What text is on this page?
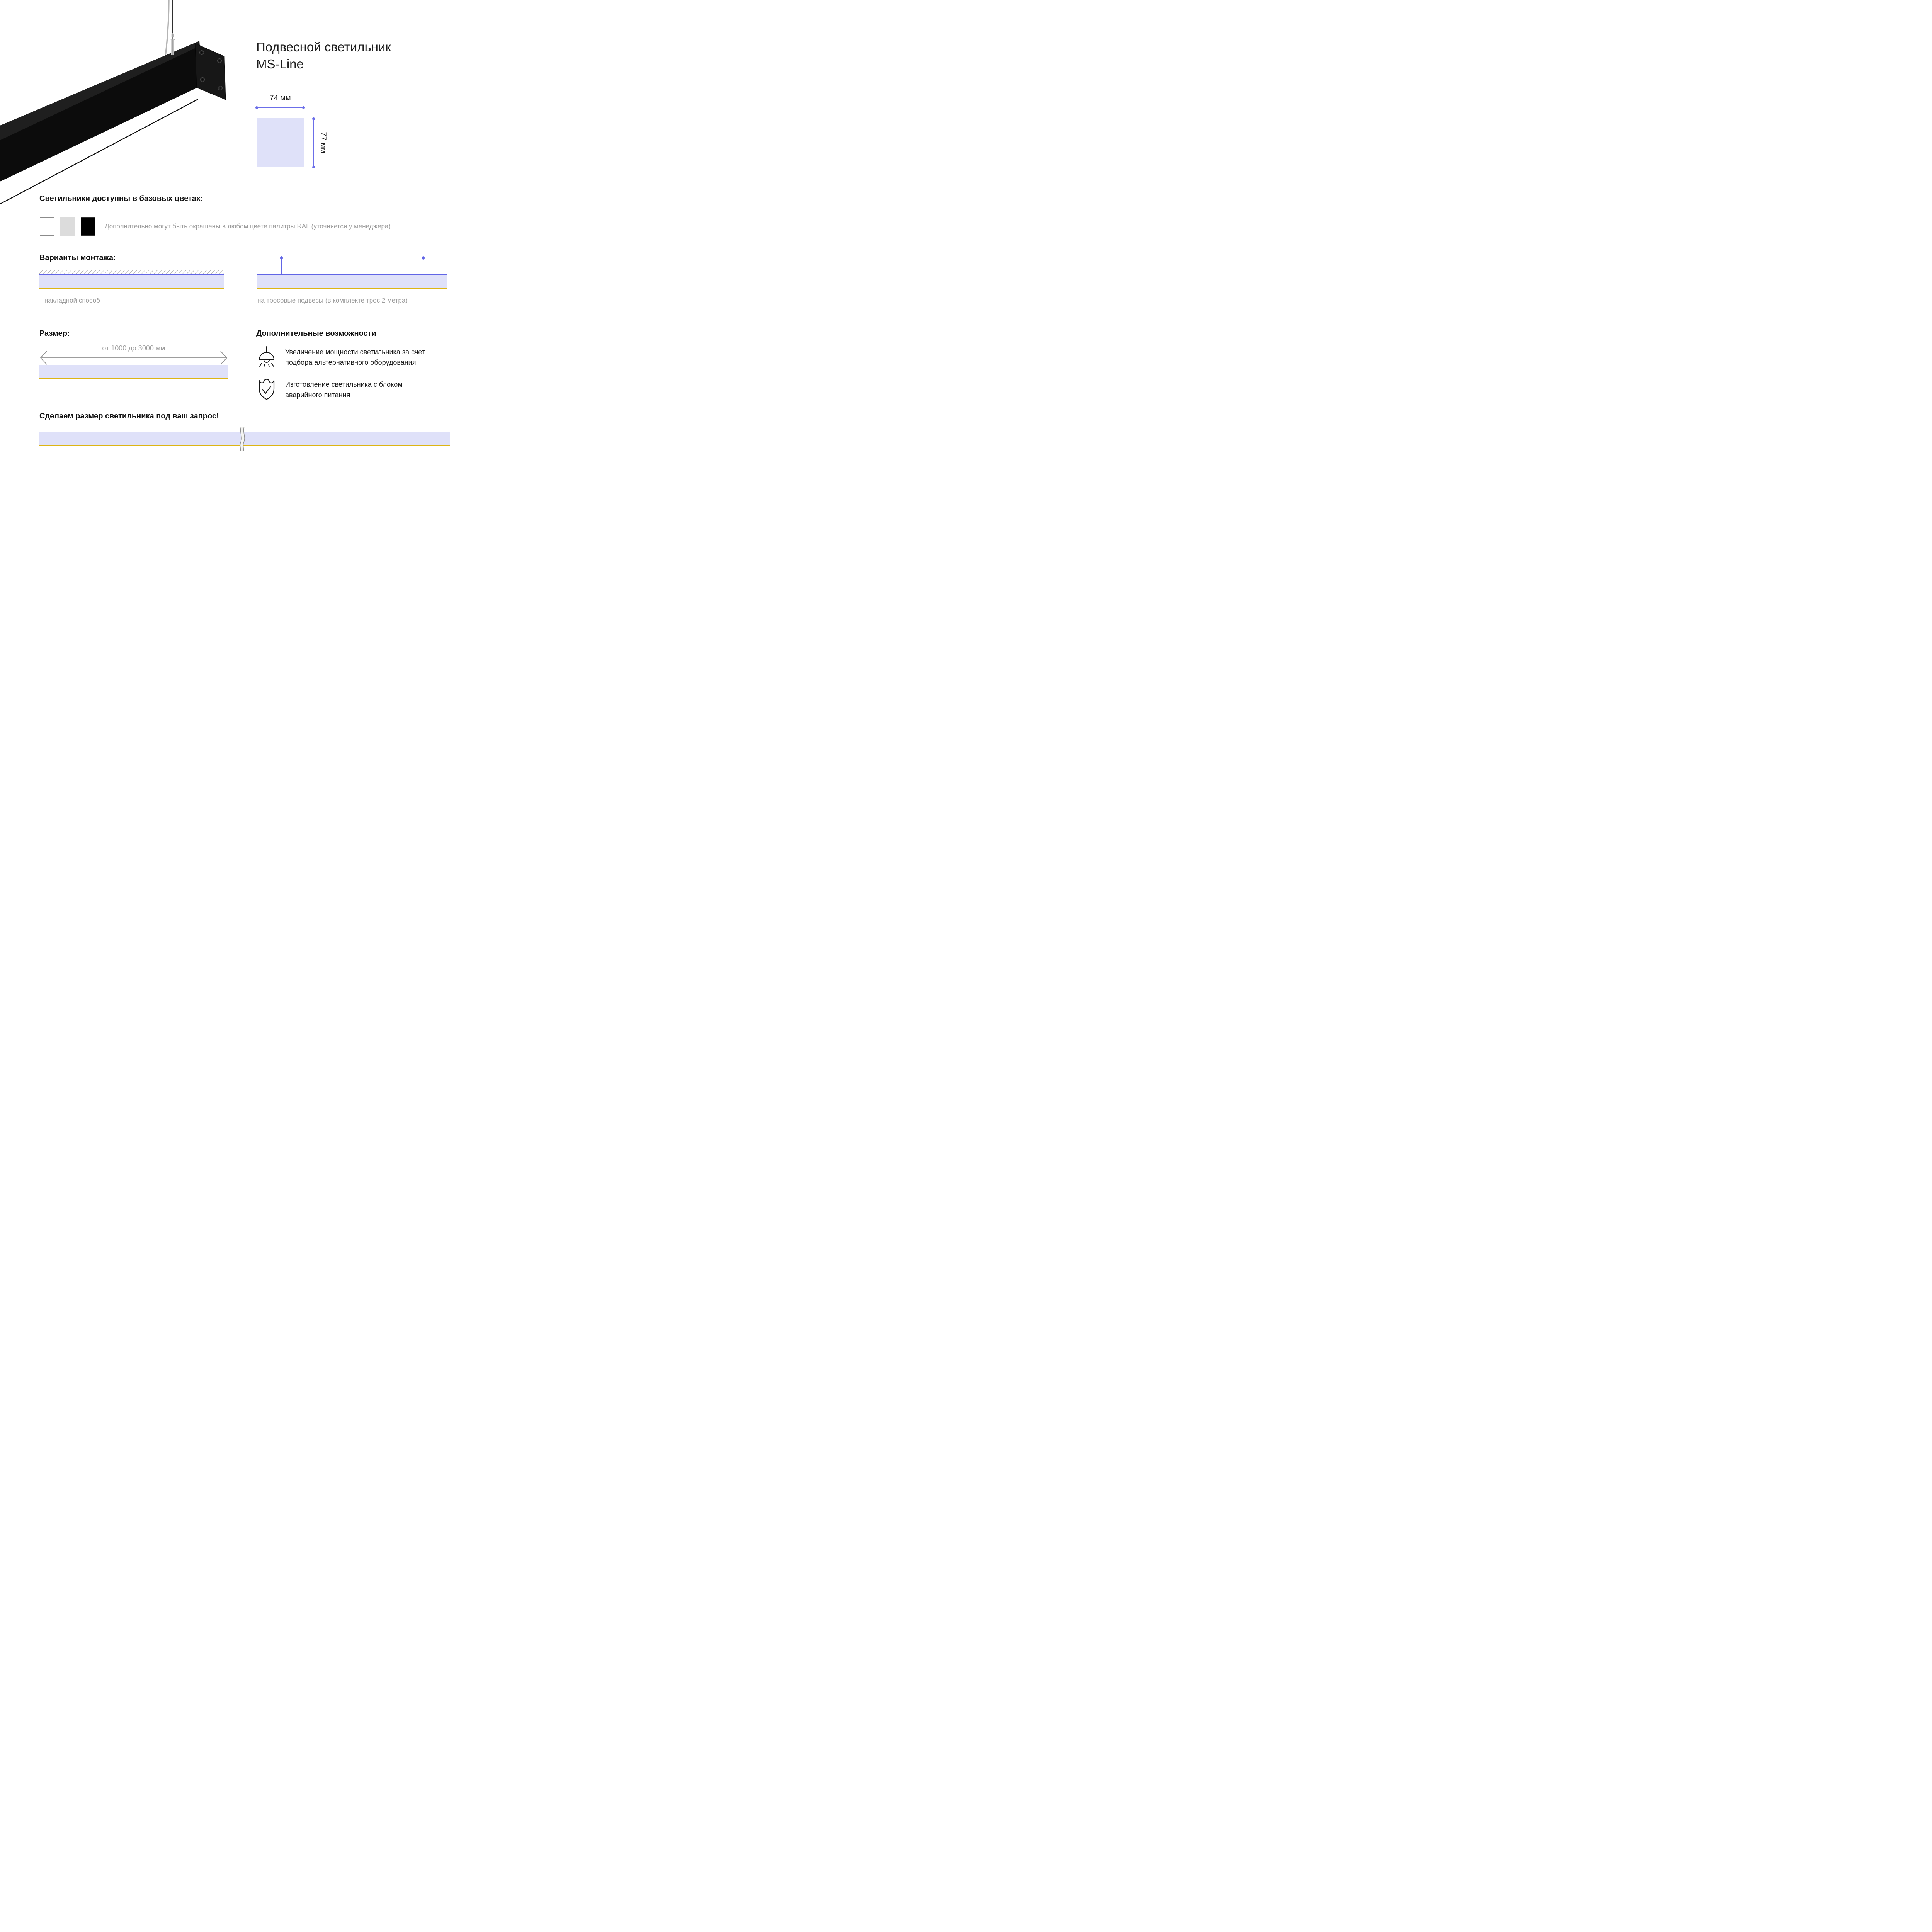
Подвесной светильник
MS-Line
74 мм
77 мм
Светильники доступны в базовых цветах:
Дополнительно могут быть окрашены в любом цвете палитры RAL (уточняется у менеджера).
Варианты монтажа:
накладной способ	на тросовые подвесы (в комплекте трос 2 метра)
Размер:
от 1000 до 3000 мм
Дополнительные возможности
Увеличение мощности светильника за счет подбора альтернативного оборудования.
Изготовление светильника с блоком аварийного питания
Сделаем размер светильника под ваш запрос!
